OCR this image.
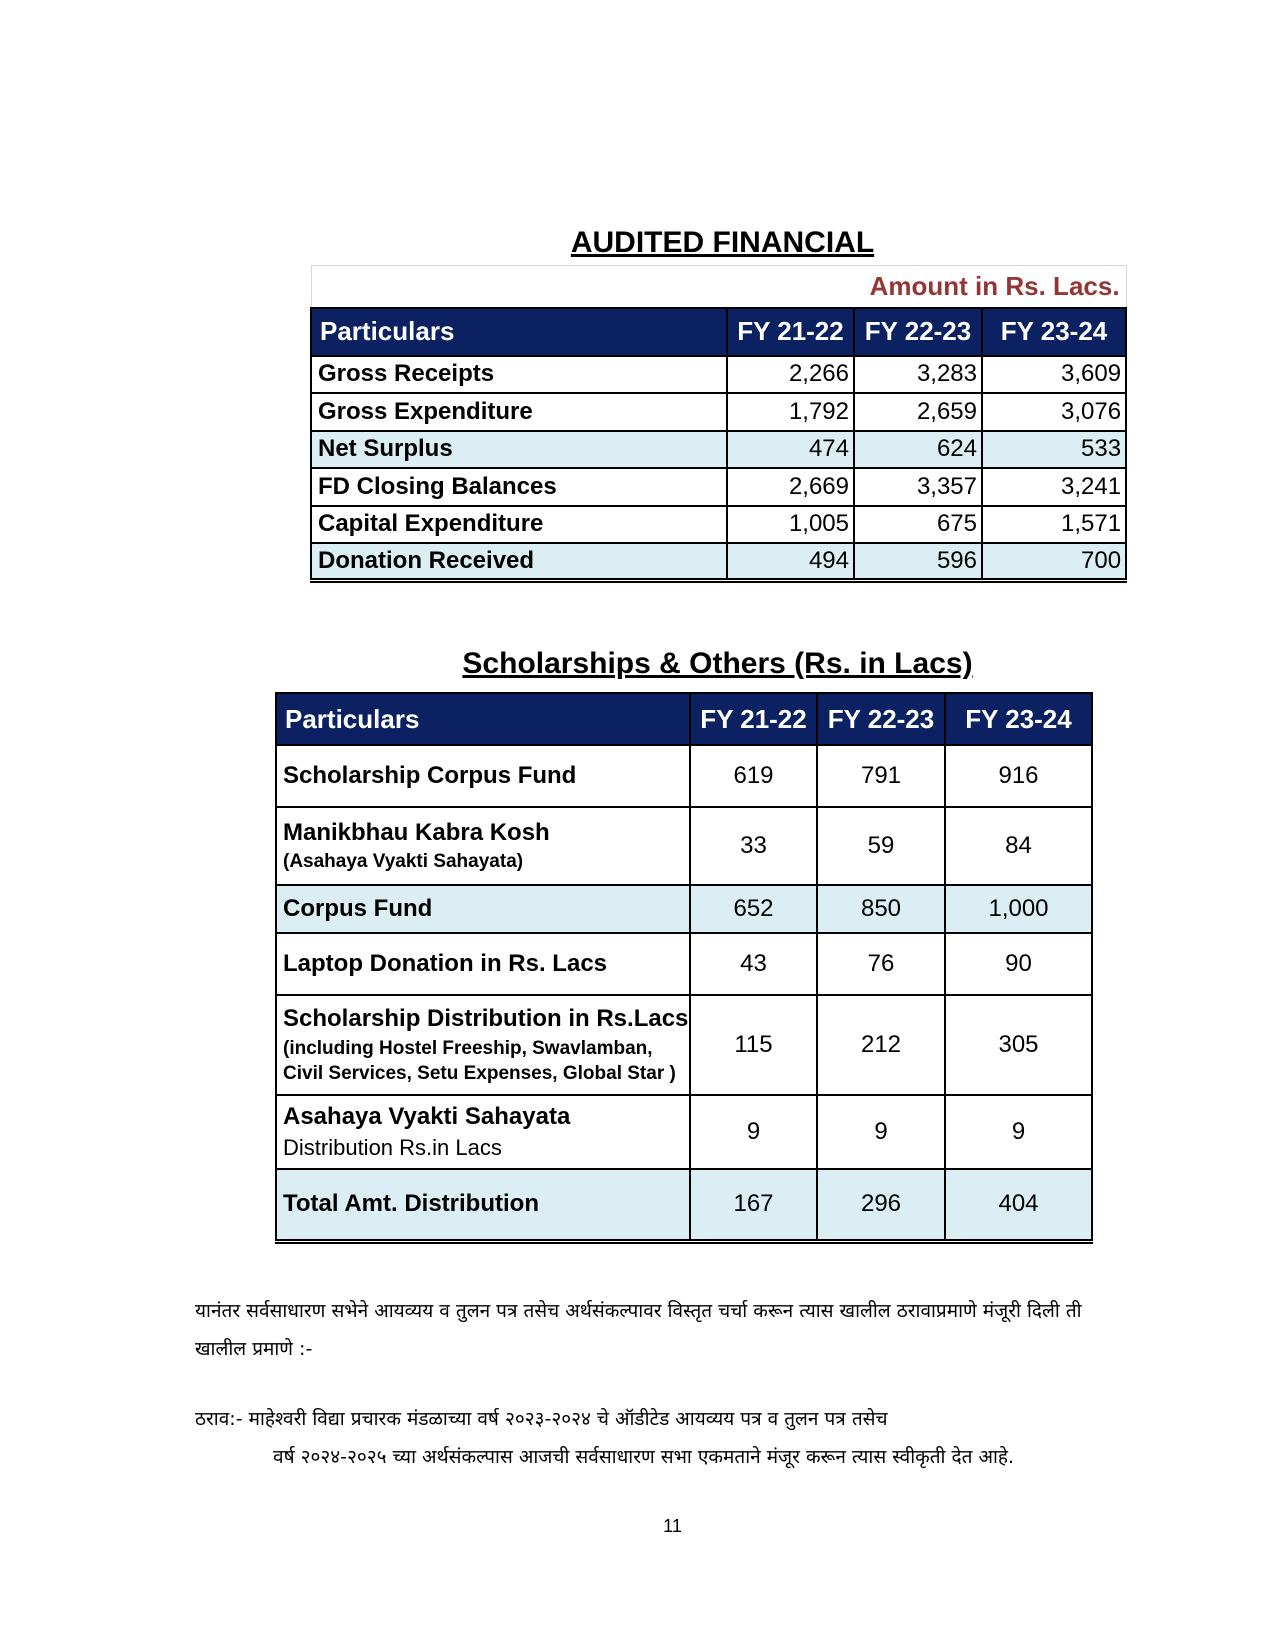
AUDITED FINANCIAL
Amount in Rs. Lacs.			
Particulars	FY 21-22	FY 22-23	FY 23-24
Gross Receipts	2,266	3,283	3,609
Gross Expenditure	1,792	2,659	3,076
Net Surplus	474	624	533
FD Closing Balances	2,669	3,357	3,241
Capital Expenditure	1,005	675	1,571
Donation Received	494	596	700
Scholarships & Others (Rs. in Lacs)
Particulars	FY 21-22	FY 22-23	FY 23-24
Scholarship Corpus Fund	619	791	916

Manikbhau Kabra Kosh
(Asahaya Vyakti Sahayata)	33	59	84
Corpus Fund	652	850	1,000
Laptop Donation in Rs. Lacs	43	76	90

Scholarship Distribution in Rs.Lacs
(including Hostel Freeship, Swavlamban,
Civil Services, Setu Expenses, Global Star )	115	212	305

Asahaya Vyakti Sahayata
Distribution Rs.in Lacs	9	9	9
Total Amt. Distribution	167	296	404
यानंतर सर्वसाधारण सभेने आयव्यय व तुलन पत्र तसेच अर्थसंकल्पावर विस्तृत चर्चा करून त्यास खालील ठरावाप्रमाणे मंजूरी दिली ती खालील प्रमाणे :-
ठराव:- माहेश्वरी विद्या प्रचारक मंडळाच्या वर्ष २०२३-२०२४ चे ऑडीटेड आयव्यय पत्र व तुलन पत्र तसेच
वर्ष २०२४-२०२५ च्या अर्थसंकल्पास आजची सर्वसाधारण सभा एकमताने मंजूर करून त्यास स्वीकृती देत आहे.
11
